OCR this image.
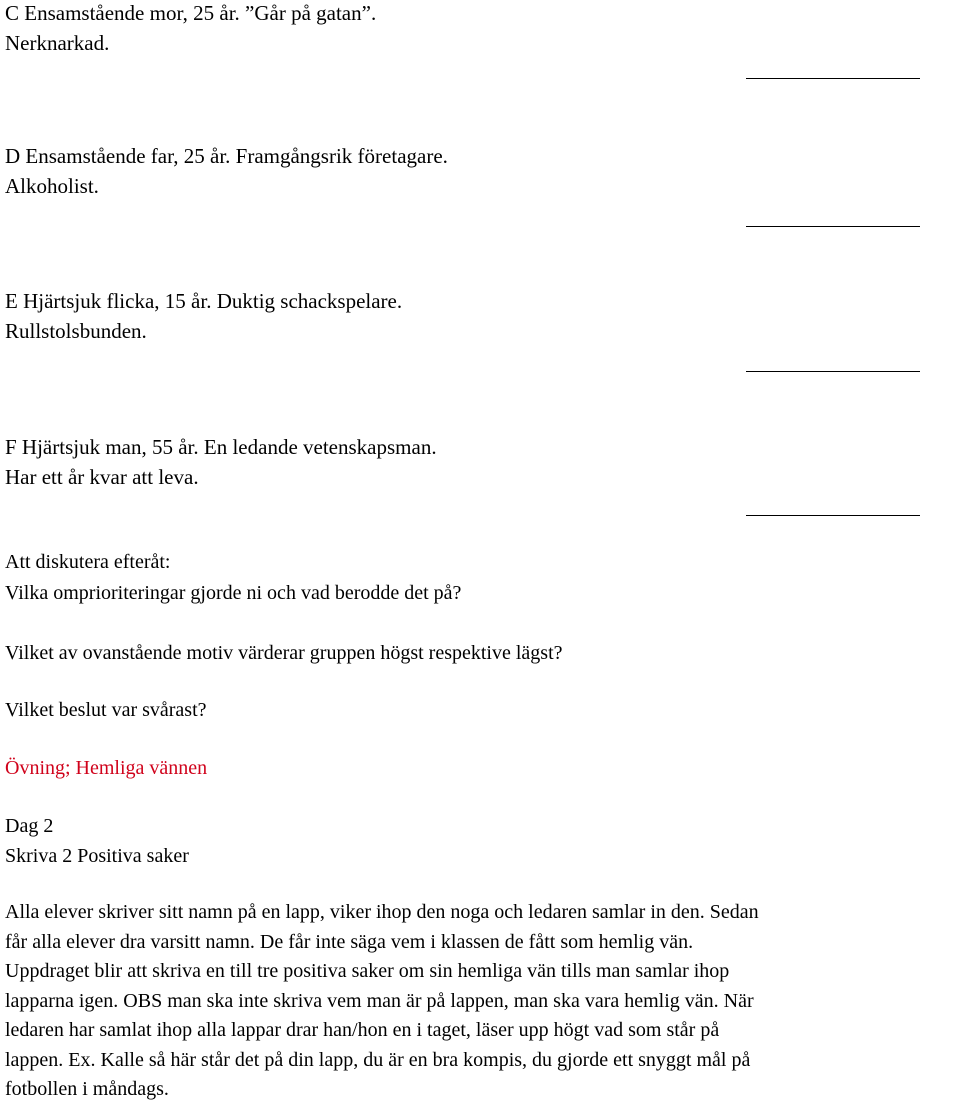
C Ensamstående mor, 25 år. ”Går på gatan”.
Nerknarkad.
D Ensamstående far, 25 år. Framgångsrik företagare.
Alkoholist.
E Hjärtsjuk flicka, 15 år. Duktig schackspelare.
Rullstolsbunden.
F Hjärtsjuk man, 55 år. En ledande vetenskapsman.
Har ett år kvar att leva.
Att diskutera efteråt:
Vilka omprioriteringar gjorde ni och vad berodde det på?
Vilket av ovanstående motiv värderar gruppen högst respektive lägst?
Vilket beslut var svårast?
Övning; Hemliga vännen
Dag 2
Skriva 2 Positiva saker
Alla elever skriver sitt namn på en lapp, viker ihop den noga och ledaren samlar in den. Sedan
får alla elever dra varsitt namn. De får inte säga vem i klassen de fått som hemlig vän.
Uppdraget blir att skriva en till tre positiva saker om sin hemliga vän tills man samlar ihop
lapparna igen. OBS man ska inte skriva vem man är på lappen, man ska vara hemlig vän. När
ledaren har samlat ihop alla lappar drar han/hon en i taget, läser upp högt vad som står på
lappen. Ex. Kalle så här står det på din lapp, du är en bra kompis, du gjorde ett snyggt mål på
fotbollen i måndags.
